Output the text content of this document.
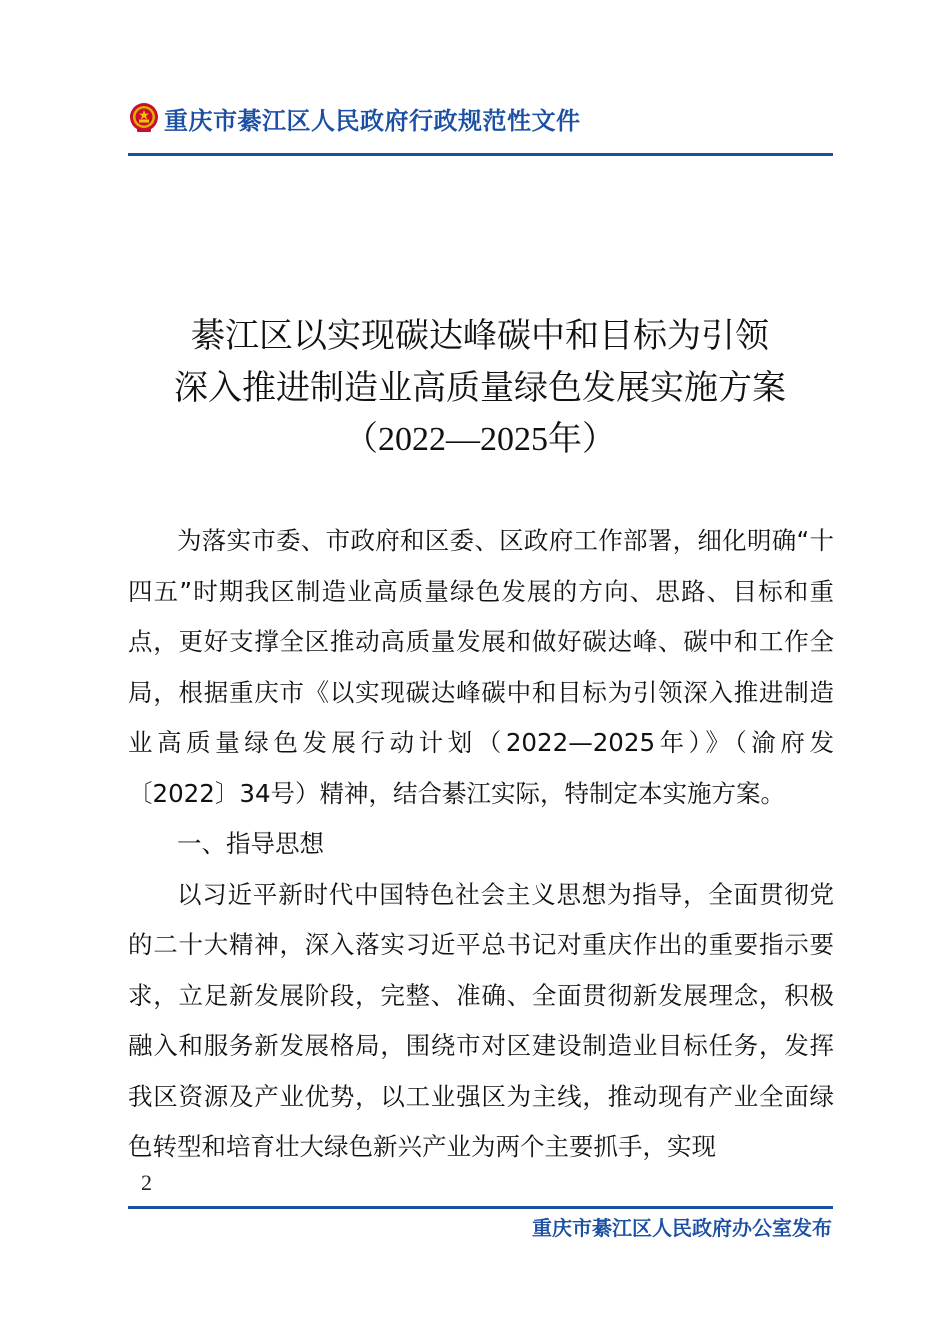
重庆市綦江区人民政府行政规范性文件
綦江区以实现碳达峰碳中和目标为引领
深入推进制造业高质量绿色发展实施方案
（2022—2025年）

为落实市委、市政府和区委、区政府工作部署，细化明确“十四五”时期我区制造业高质量绿色发展的方向、思路、目标和重点，更好支撑全区推动高质量发展和做好碳达峰、碳中和工作全局，根据重庆市《以实现碳达峰碳中和目标为引领深入推进制造业高质量绿色发展行动计划（2022—2025年）》（渝府发〔2022〕34号）精神，结合綦江实际，特制定本实施方案。

一、指导思想

以习近平新时代中国特色社会主义思想为指导，全面贯彻党的二十大精神，深入落实习近平总书记对重庆作出的重要指示要求，立足新发展阶段，完整、准确、全面贯彻新发展理念，积极融入和服务新发展格局，围绕市对区建设制造业目标任务，发挥我区资源及产业优势，以工业强区为主线，推动现有产业全面绿色转型和培育壮大绿色新兴产业为两个主要抓手，实现

2
重庆市綦江区人民政府办公室发布
